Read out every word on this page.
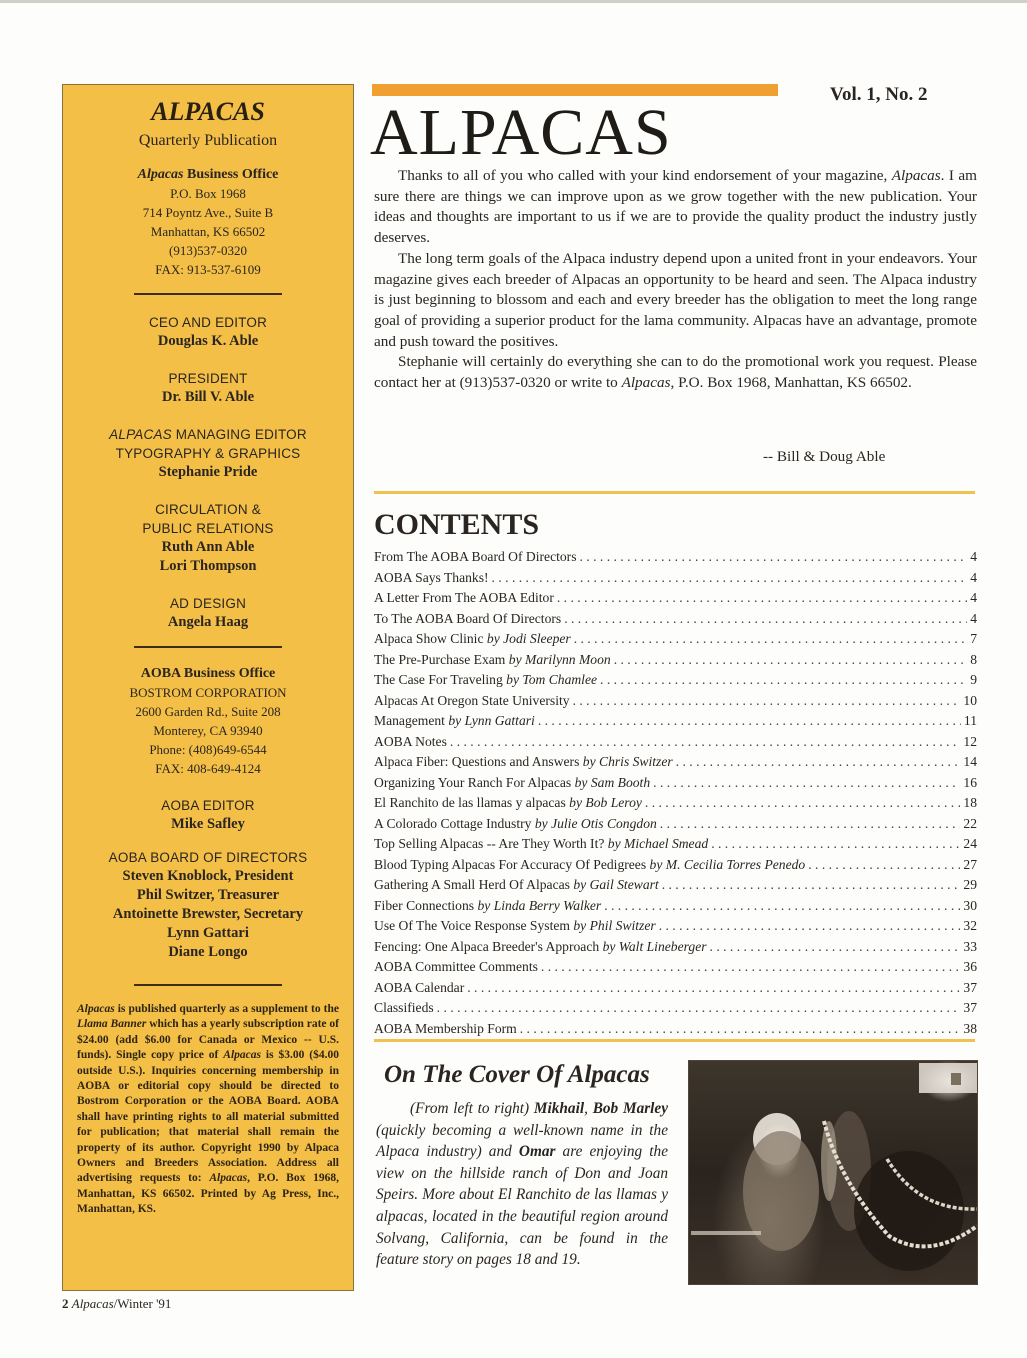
ALPACAS
Quarterly Publication
Alpacas Business Office
P.O. Box 1968
714 Poyntz Ave., Suite B
Manhattan, KS 66502
(913)537-0320
FAX: 913-537-6109
CEO AND EDITOR
Douglas K. Able
PRESIDENT
Dr. Bill V. Able
ALPACAS MANAGING EDITOR
TYPOGRAPHY & GRAPHICS
Stephanie Pride
CIRCULATION &
PUBLIC RELATIONS
Ruth Ann Able
Lori Thompson
AD DESIGN
Angela Haag
AOBA Business Office
BOSTROM CORPORATION
2600 Garden Rd., Suite 208
Monterey, CA 93940
Phone: (408)649-6544
FAX: 408-649-4124
AOBA EDITOR
Mike Safley
AOBA BOARD OF DIRECTORS
Steven Knoblock, President
Phil Switzer, Treasurer
Antoinette Brewster, Secretary
Lynn Gattari
Diane Longo

Alpacas is published quarterly as a supplement to the Llama Banner which has a yearly subscription rate of $24.00 (add $6.00 for Canada or Mexico -- U.S. funds). Single copy price of Alpacas is $3.00 ($4.00 outside U.S.). Inquiries concerning membership in AOBA or editorial copy should be directed to Bostrom Corporation or the AOBA Board. AOBA shall have printing rights to all material submitted for publication; that material shall remain the property of its author. Copyright 1990 by Alpaca Owners and Breeders Association. Address all advertising requests to: Alpacas, P.O. Box 1968, Manhattan, KS 66502. Printed by Ag Press, Inc., Manhattan, KS.

2 Alpacas/Winter '91
Vol. 1, No. 2
ALPACAS

Thanks to all of you who called with your kind endorsement of your magazine, Alpacas. I am sure there are things we can improve upon as we grow together with the new publication. Your ideas and thoughts are important to us if we are to provide the quality product the industry justly deserves.

The long term goals of the Alpaca industry depend upon a united front in your endeavors. Your magazine gives each breeder of Alpacas an opportunity to be heard and seen. The Alpaca industry is just beginning to blossom and each and every breeder has the obligation to meet the long range goal of providing a superior product for the lama community. Alpacas have an advantage, promote and push toward the positives.

Stephanie will certainly do everything she can to do the promotional work you request. Please contact her at (913)537-0320 or write to Alpacas, P.O. Box 1968, Manhattan, KS 66502.

-- Bill & Doug Able
CONTENTS
From The AOBA Board Of Directors . . .	4
AOBA Says Thanks! . . .	4
A Letter From The AOBA Editor . . .	4
To The AOBA Board Of Directors . . .	4
Alpaca Show Clinic by Jodi Sleeper . . .	7
The Pre-Purchase Exam by Marilynn Moon . . .	8
The Case For Traveling by Tom Chamlee . . .	9
Alpacas At Oregon State University . . .	10
Management by Lynn Gattari . . .	11
AOBA Notes . . .	12
Alpaca Fiber: Questions and Answers by Chris Switzer . . .	14
Organizing Your Ranch For Alpacas by Sam Booth . . .	16
El Ranchito de las llamas y alpacas by Bob Leroy . . .	18
A Colorado Cottage Industry by Julie Otis Congdon . . .	22
Top Selling Alpacas -- Are They Worth It? by Michael Smead . . .	24
Blood Typing Alpacas For Accuracy Of Pedigrees by M. Cecilia Torres Penedo . . .	27
Gathering A Small Herd Of Alpacas by Gail Stewart . . .	29
Fiber Connections by Linda Berry Walker . . .	30
Use Of The Voice Response System by Phil Switzer . . .	32
Fencing: One Alpaca Breeder's Approach by Walt Lineberger . . .	33
AOBA Committee Comments . . .	36
AOBA Calendar . . .	37
Classifieds . . .	37
AOBA Membership Form . . .	38
On The Cover Of Alpacas

(From left to right) Mikhail, Bob Marley (quickly becoming a well-known name in the Alpaca industry) and Omar are enjoying the view on the hillside ranch of Don and Joan Speirs. More about El Ranchito de las llamas y alpacas, located in the beautiful region around Solvang, California, can be found in the feature story on pages 18 and 19.
